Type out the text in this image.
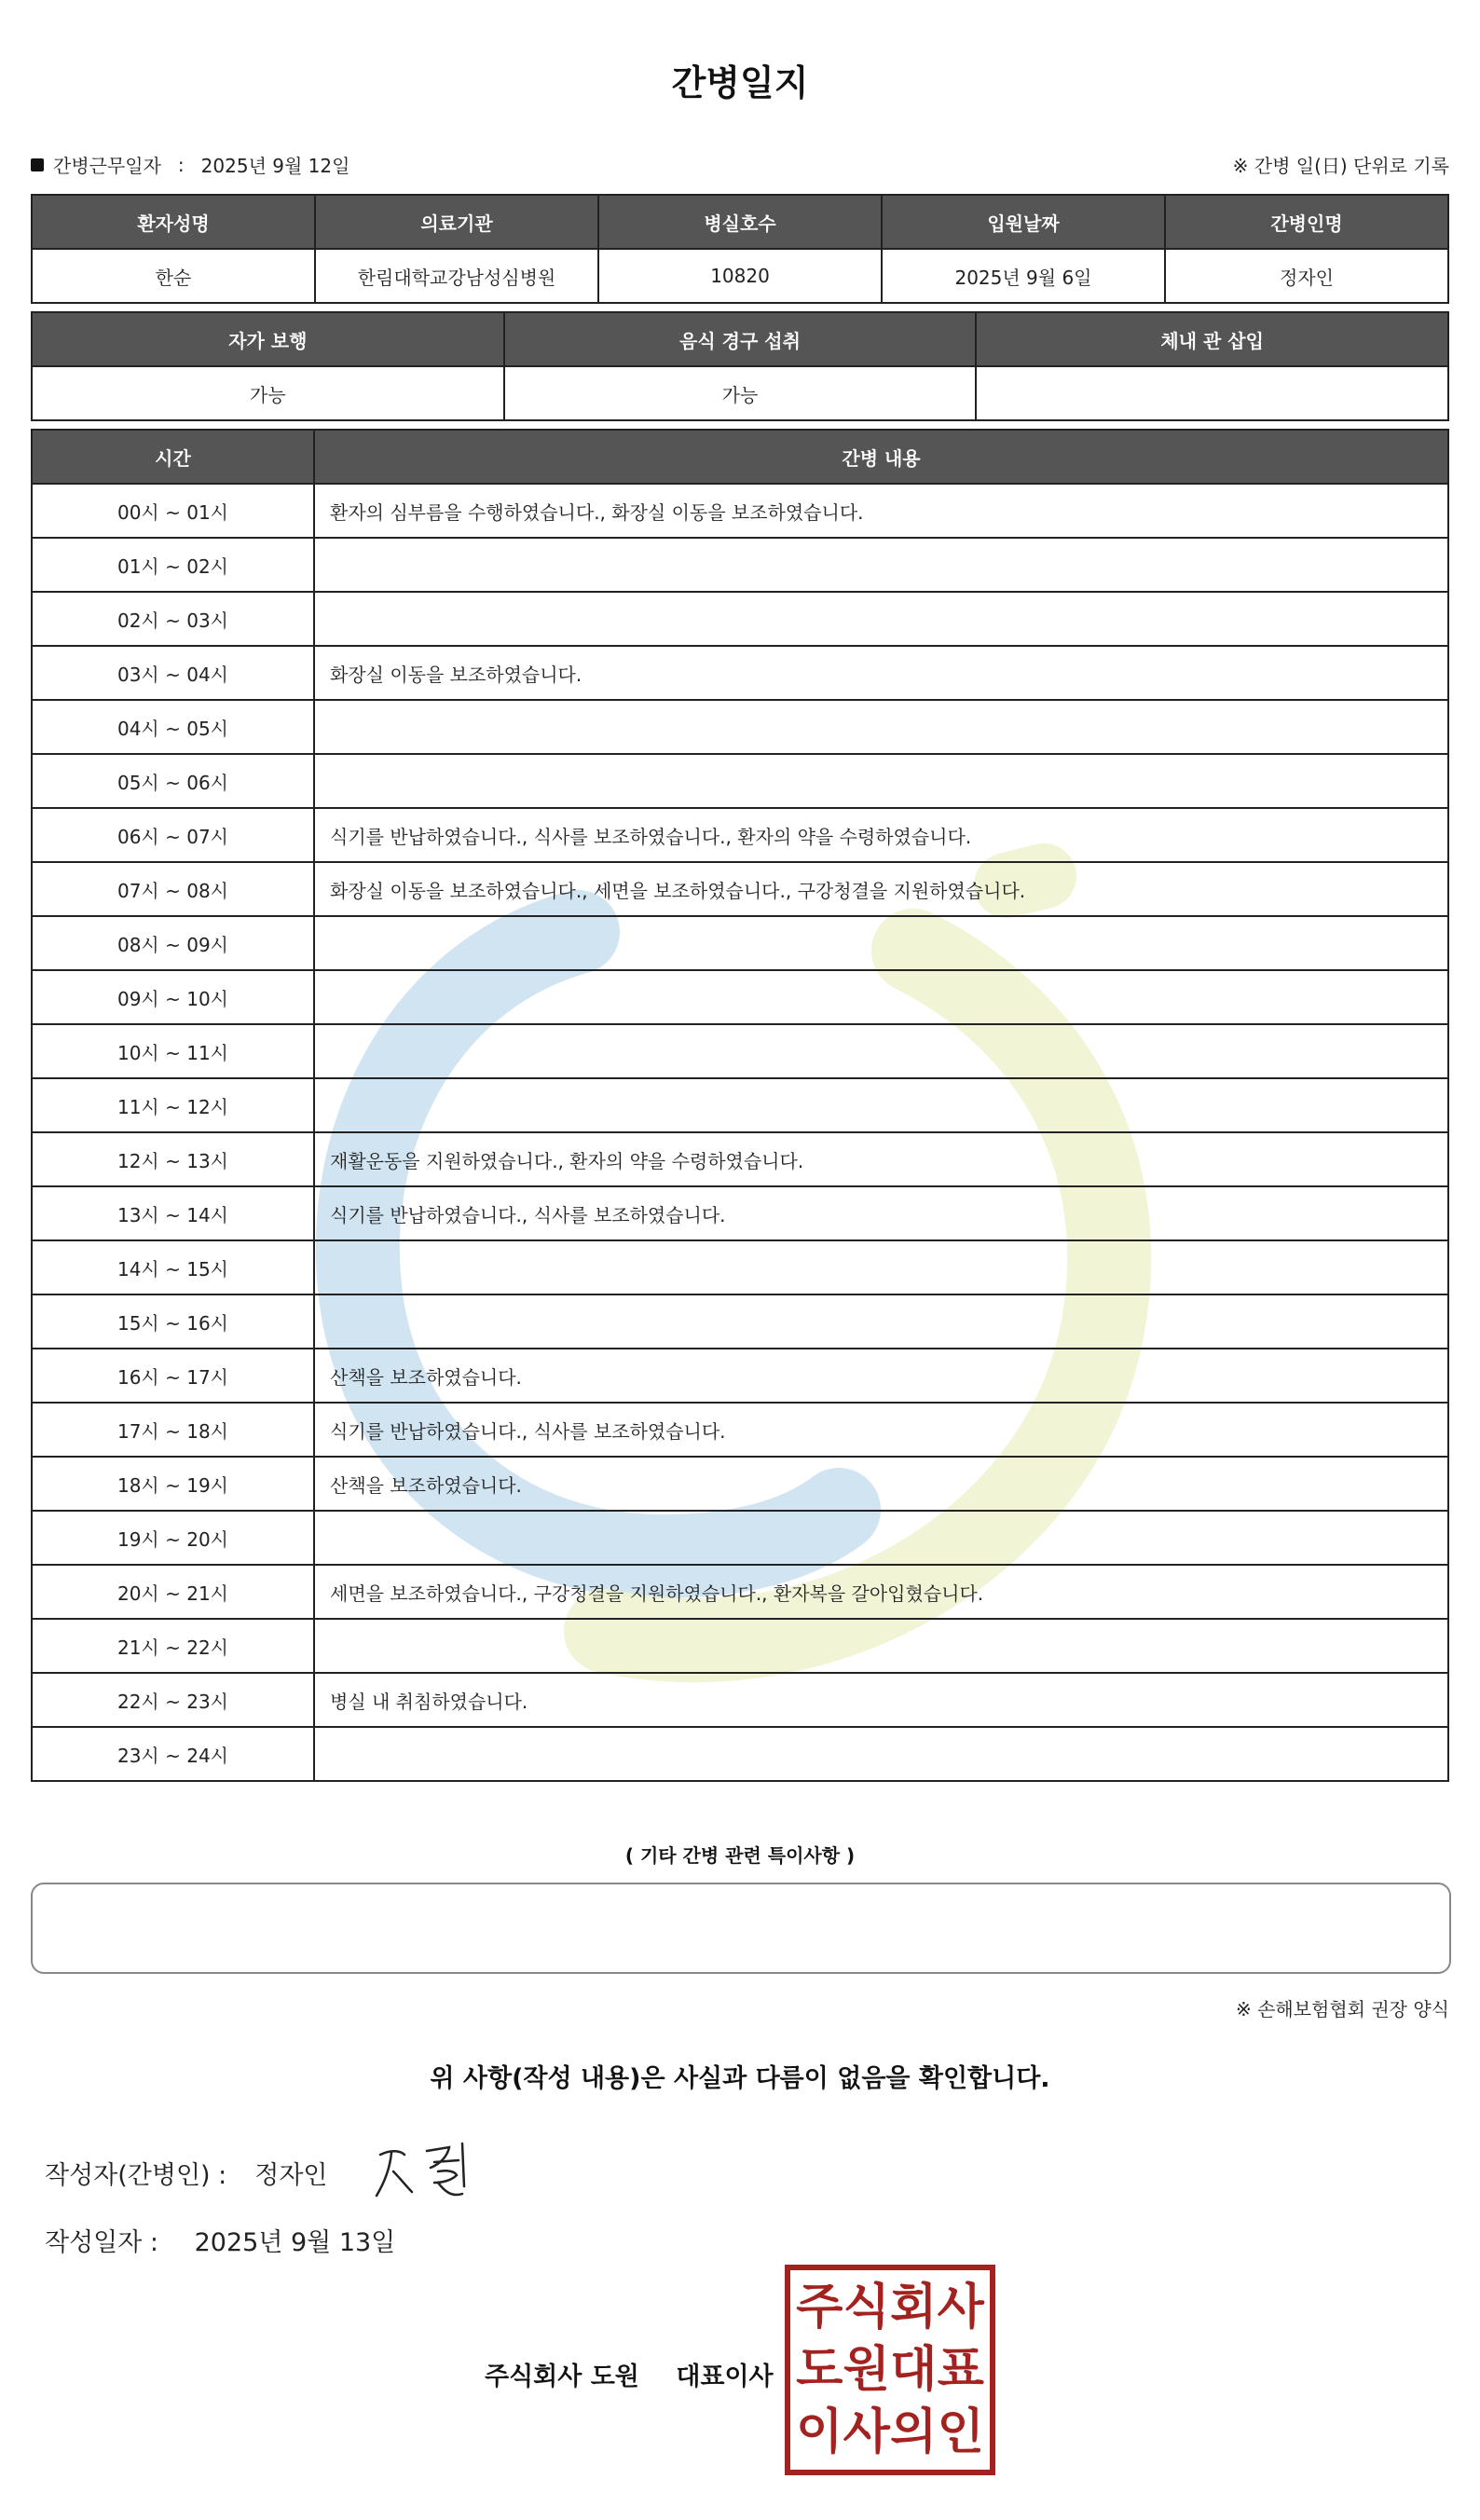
간병일지
간병근무일자 : 2025년 9월 12일	※ 간병 일(日) 단위로 기록
환자성명	의료기관	병실호수	입원날짜	간병인명
한순	한림대학교강남성심병원	10820	2025년 9월 6일	정자인
자가 보행	음식 경구 섭취	체내 관 삽입
가능	가능	
시간	간병 내용
00시 ~ 01시	환자의 심부름을 수행하였습니다., 화장실 이동을 보조하였습니다.
01시 ~ 02시	
02시 ~ 03시	
03시 ~ 04시	화장실 이동을 보조하였습니다.
04시 ~ 05시	
05시 ~ 06시	
06시 ~ 07시	식기를 반납하였습니다., 식사를 보조하였습니다., 환자의 약을 수령하였습니다.
07시 ~ 08시	화장실 이동을 보조하였습니다., 세면을 보조하였습니다., 구강청결을 지원하였습니다.
08시 ~ 09시	
09시 ~ 10시	
10시 ~ 11시	
11시 ~ 12시	
12시 ~ 13시	재활운동을 지원하였습니다., 환자의 약을 수령하였습니다.
13시 ~ 14시	식기를 반납하였습니다., 식사를 보조하였습니다.
14시 ~ 15시	
15시 ~ 16시	
16시 ~ 17시	산책을 보조하였습니다.
17시 ~ 18시	식기를 반납하였습니다., 식사를 보조하였습니다.
18시 ~ 19시	산책을 보조하였습니다.
19시 ~ 20시	
20시 ~ 21시	세면을 보조하였습니다., 구강청결을 지원하였습니다., 환자복을 갈아입혔습니다.
21시 ~ 22시	
22시 ~ 23시	병실 내 취침하였습니다.
23시 ~ 24시	
( 기타 간병 관련 특이사항 )
※ 손해보험협회 권장 양식
위 사항(작성 내용)은 사실과 다름이 없음을 확인합니다.
작성자(간병인) : 정자인
작성일자 : 2025년 9월 13일
주식회사 도원 대표이사
주 식 회 사
도 원 대 표
이 사 의 인
